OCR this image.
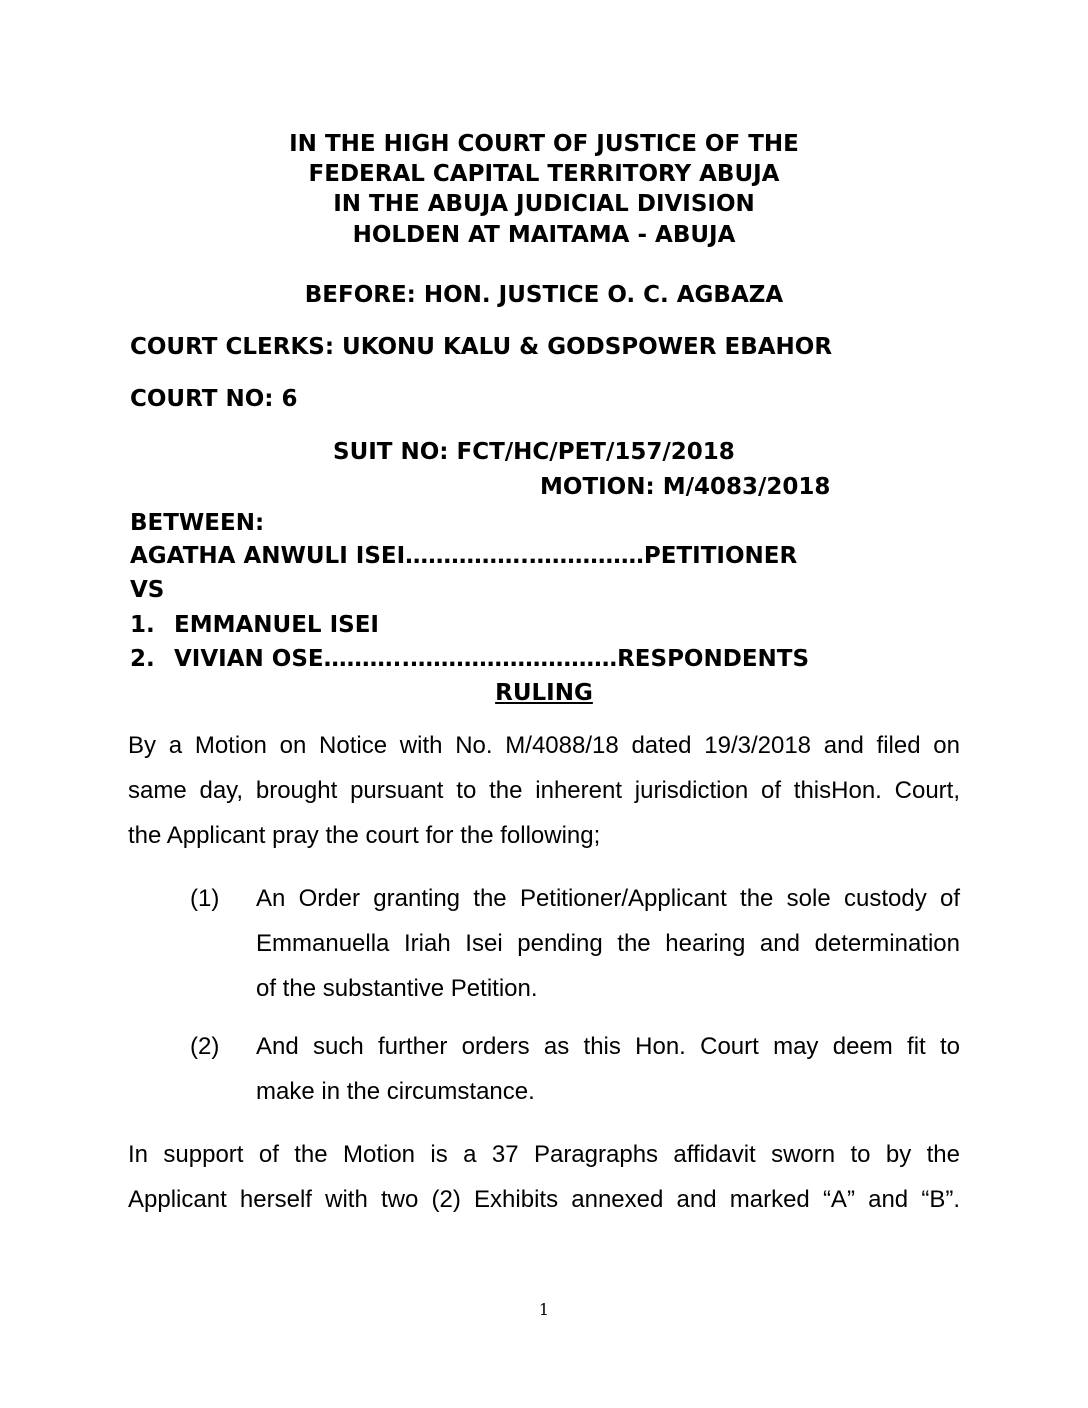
IN THE HIGH COURT OF JUSTICE OF THE
FEDERAL CAPITAL TERRITORY ABUJA
IN THE ABUJA JUDICIAL DIVISION
HOLDEN AT MAITAMA - ABUJA
BEFORE: HON. JUSTICE O. C. AGBAZA
COURT CLERKS: UKONU KALU & GODSPOWER EBAHOR
COURT NO: 6
SUIT NO: FCT/HC/PET/157/2018
MOTION: M/4083/2018
BETWEEN:
AGATHA ANWULI ISEI…………….……………PETITIONER
VS
1. EMMANUEL ISEI
2. VIVIAN OSE………..………………………RESPONDENTS
RULING
By a Motion on Notice with No. M/4088/18 dated 19/3/2018 and filed on
same day, brought pursuant to the inherent jurisdiction of thisHon. Court,
the Applicant pray the court for the following;
(1) An Order granting the Petitioner/Applicant the sole custody of
Emmanuella Iriah Isei pending the hearing and determination
of the substantive Petition.
(2) And such further orders as this Hon. Court may deem fit to
make in the circumstance.
In support of the Motion is a 37 Paragraphs affidavit sworn to by the
Applicant herself with two (2) Exhibits annexed and marked “A” and “B”.
1
